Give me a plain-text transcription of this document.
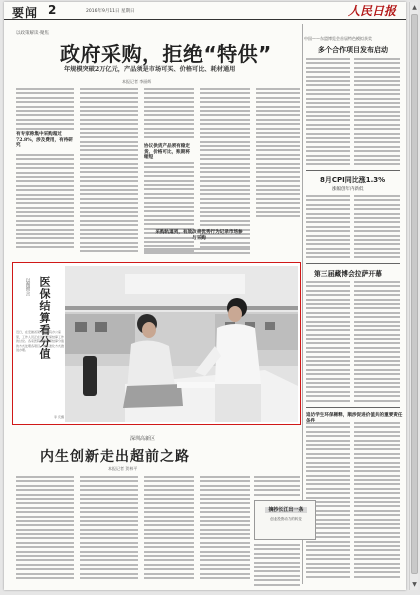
要闻 2	2016年9月11日 星期日	人民日报
以政策解读·聚焦
政府采购，拒绝“特供”
年规模突破2万亿元，产品须是市场可买、价格可比、耗材通用
本报记者 李丽辉
有专家称集中采购超过72.8%，涉及费用，有待研究	协议供货产品须有稳定货、价格可比，账期将缩短
采购轨道列，有效改善优秀行为记录市场参与采购
中国——东盟博览会首届特色模拟获奖
多个合作项目发布启动
8月CPI同比涨1.3%
涨幅创年内新低
第三届藏博会拉萨开幕
追访学生环保稀释，顺涉促进价值共的重要责任
以图带言 医保结算看分值
近日，在安徽省某市某医院办公室里，工作人员正在进行医保结算工作的讨论。各家医院按照医保结算分值的方式处理各项目，以标准化方式推进办理。
李 庆摄
深圳高新区
内生创新走出超前之路
本报记者 贺林平
摘抄长江出一条
创业投资动力的转变
▲
▼
